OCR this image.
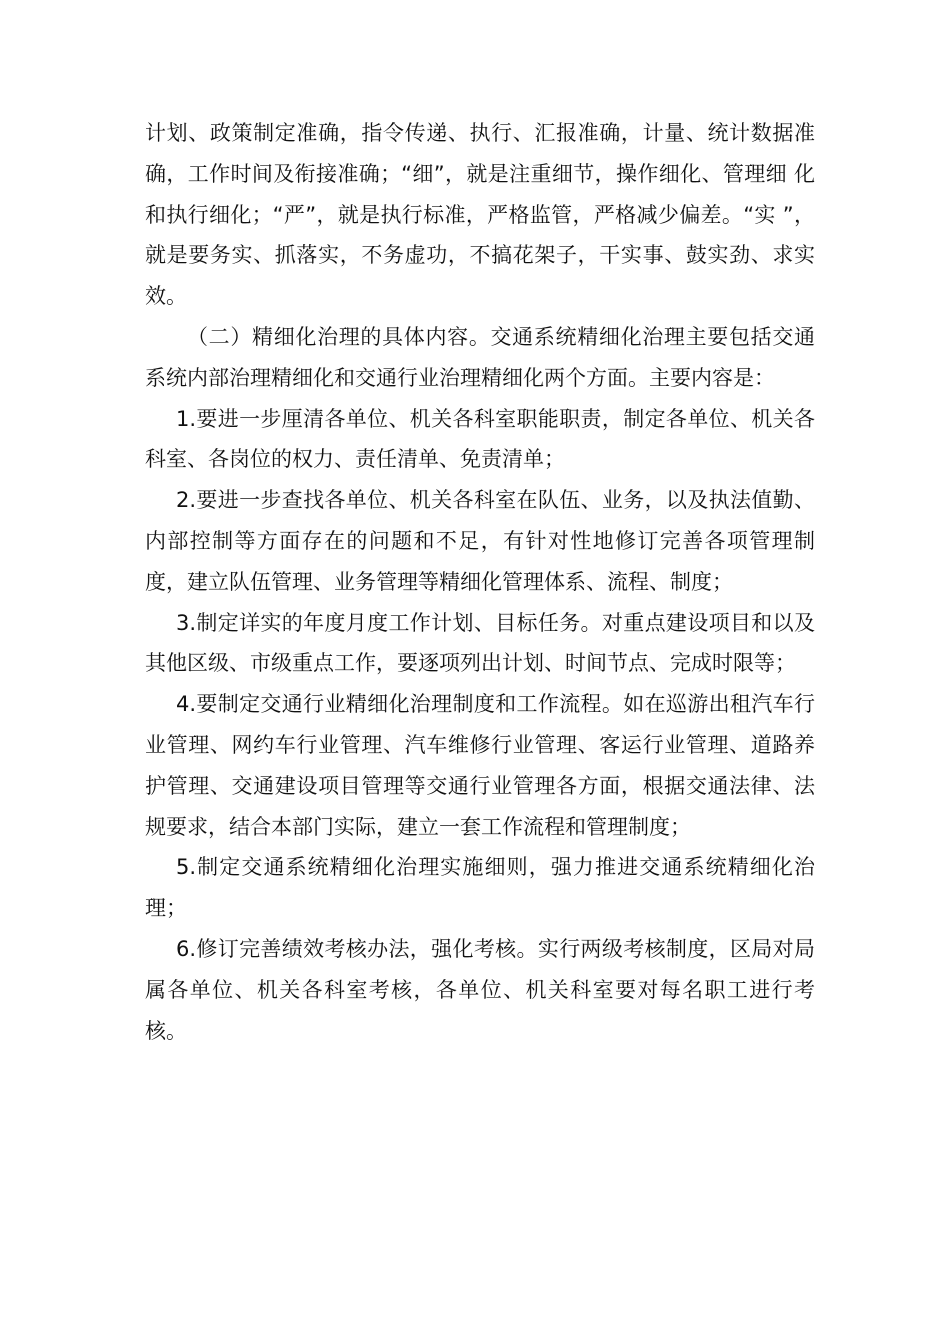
计划、政策制定准确，指令传递、执行、汇报准确，计量、统计数据准确，工作时间及衔接准确；“细”，就是注重细节，操作细化、管理细 化和执行细化；“严”，就是执行标准，严格监管，严格减少偏差。“实 ”，就是要务实、抓落实，不务虚功，不搞花架子，干实事、鼓实劲、求实效。

（二）精细化治理的具体内容。交通系统精细化治理主要包括交通系统内部治理精细化和交通行业治理精细化两个方面。主要内容是：

1.要进一步厘清各单位、机关各科室职能职责，制定各单位、机关各科室、各岗位的权力、责任清单、免责清单；

2.要进一步查找各单位、机关各科室在队伍、业务，以及执法值勤、内部控制等方面存在的问题和不足，有针对性地修订完善各项管理制度，建立队伍管理、业务管理等精细化管理体系、流程、制度；

3.制定详实的年度月度工作计划、目标任务。对重点建设项目和以及其他区级、市级重点工作，要逐项列出计划、时间节点、完成时限等；

4.要制定交通行业精细化治理制度和工作流程。如在巡游出租汽车行业管理、网约车行业管理、汽车维修行业管理、客运行业管理、道路养护管理、交通建设项目管理等交通行业管理各方面，根据交通法律、法规要求，结合本部门实际，建立一套工作流程和管理制度；

5.制定交通系统精细化治理实施细则，强力推进交通系统精细化治理；

6.修订完善绩效考核办法，强化考核。实行两级考核制度，区局对局属各单位、机关各科室考核，各单位、机关科室要对每名职工进行考核。
